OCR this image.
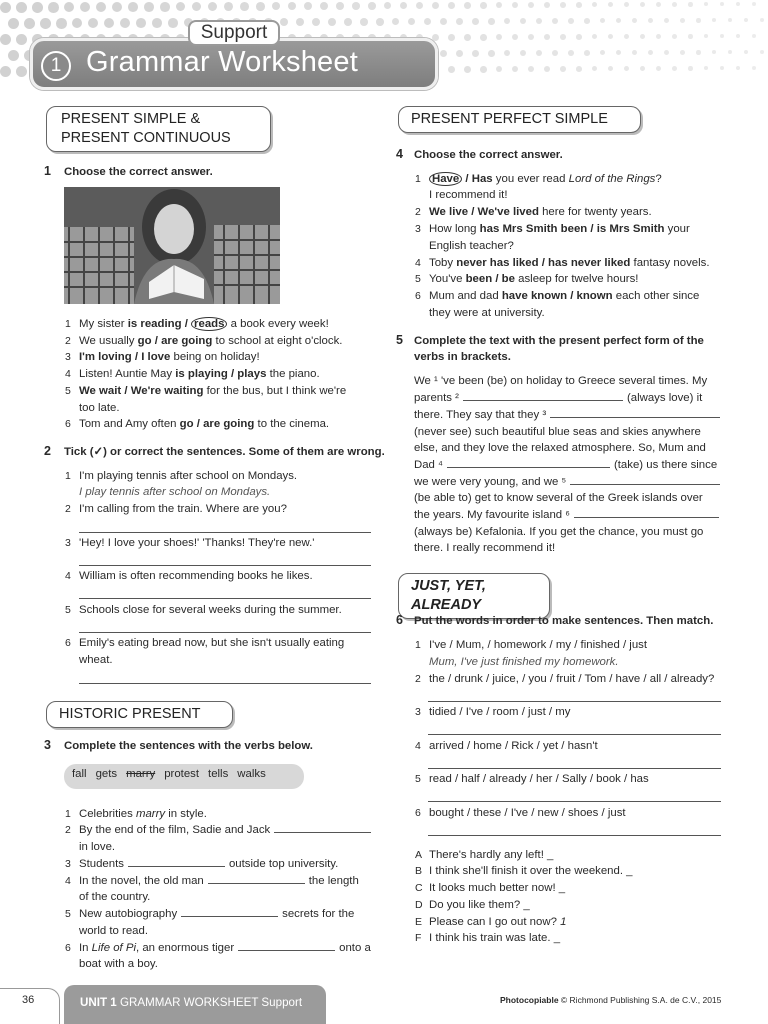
Support
1 Grammar Worksheet
PRESENT SIMPLE &
PRESENT CONTINUOUS
1 Choose the correct answer.
2 Tick (✓) or correct the sentences. Some of them are wrong.
HISTORIC PRESENT
3 Complete the sentences with the verbs below.
fall gets marry protest tells walks
PRESENT PERFECT SIMPLE
4 Choose the correct answer.
5 Complete the text with the present perfect form of the
verbs in brackets.
JUST, YET, ALREADY
6 Put the words in order to make sentences. Then match.
36	UNIT 1 GRAMMAR WORKSHEET Support	Photocopiable © Richmond Publishing S.A. de C.V., 2015
1 My sister is reading / reads a book every week!
2 We usually go / are going to school at eight o'clock.
3 I'm loving / I love being on holiday!
4 Listen! Auntie May is playing / plays the piano.
5 We wait / We're waiting for the bus, but I think we're
too late.
6 Tom and Amy often go / are going to the cinema.
1 I'm playing tennis after school on Mondays.
I play tennis after school on Mondays.
2 I'm calling from the train. Where are you?
3 'Hey! I love your shoes!' 'Thanks! They're new.'
4 William is often recommending books he likes.
5 Schools close for several weeks during the summer.
6 Emily's eating bread now, but she isn't usually eating
wheat.
1 Celebrities marry in style.
2 By the end of the film, Sadie and Jack
in love.
3 Students	outside top university.
4 In the novel, the old man	the length
of the country.
5 New autobiography	secrets for the
world to read.
6 In Life of Pi, an enormous tiger	onto a
boat with a boy.
1 Have / Has you ever read Lord of the Rings?
I recommend it!
2 We live / We've lived here for twenty years.
3 How long has Mrs Smith been / is Mrs Smith your
English teacher?
4 Toby never has liked / has never liked fantasy novels.
5 You've been / be asleep for twelve hours!
6 Mum and dad have known / known each other since
they were at university.
We ¹ 've been (be) on holiday to Greece several times. My
parents ²	(always love) it
there. They say that they ³
(never see) such beautiful blue seas and skies anywhere
else, and they love the relaxed atmosphere. So, Mum and
Dad ⁴	(take) us there since
we were very young, and we ⁵
(be able to) get to know several of the Greek islands over
the years. My favourite island ⁶
(always be) Kefalonia. If you get the chance, you must go
there. I really recommend it!
1 I've / Mum, / homework / my / finished / just
Mum, I've just finished my homework.
2 the / drunk / juice, / you / fruit / Tom / have / all / already?
3 tidied / I've / room / just / my
4 arrived / home / Rick / yet / hasn't
5 read / half / already / her / Sally / book / has
6 bought / these / I've / new / shoes / just
A There's hardly any left! _
B I think she'll finish it over the weekend. _
C It looks much better now! _
D Do you like them? _
E Please can I go out now? 1
F I think his train was late. _
